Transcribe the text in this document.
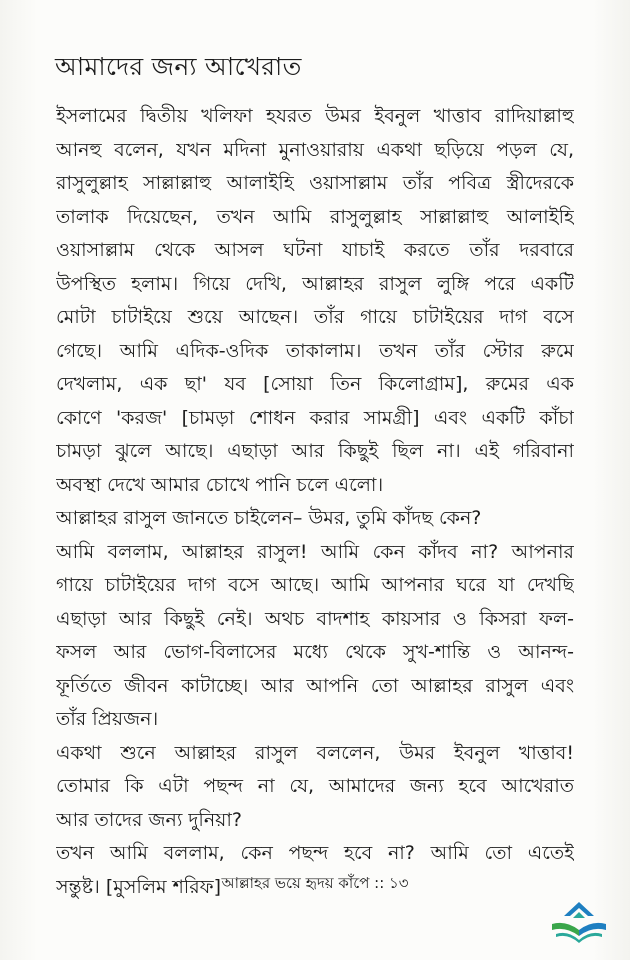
আমাদের জন্য আখেরাত
ইসলামের দ্বিতীয় খলিফা হযরত উমর ইবনুল খাত্তাব রাদিয়াল্লাহু
আনহু বলেন, যখন মদিনা মুনাওয়ারায় একথা ছড়িয়ে পড়ল যে,
রাসুলুল্লাহ সাল্লাল্লাহু আলাইহি ওয়াসাল্লাম তাঁর পবিত্র স্ত্রীদেরকে
তালাক দিয়েছেন, তখন আমি রাসুলুল্লাহ সাল্লাল্লাহু আলাইহি
ওয়াসাল্লাম থেকে আসল ঘটনা যাচাই করতে তাঁর দরবারে
উপস্থিত হলাম। গিয়ে দেখি, আল্লাহর রাসুল লুঙ্গি পরে একটি
মোটা চাটাইয়ে শুয়ে আছেন। তাঁর গায়ে চাটাইয়ের দাগ বসে
গেছে। আমি এদিক-ওদিক তাকালাম। তখন তাঁর স্টোর রুমে
দেখলাম, এক ছা' যব [সোয়া তিন কিলোগ্রাম], রুমের এক
কোণে 'করজ' [চামড়া শোধন করার সামগ্রী] এবং একটি কাঁচা
চামড়া ঝুলে আছে। এছাড়া আর কিছুই ছিল না। এই গরিবানা
অবস্থা দেখে আমার চোখে পানি চলে এলো।
আল্লাহর রাসুল জানতে চাইলেন– উমর, তুমি কাঁদছ কেন?
আমি বললাম, আল্লাহর রাসুল! আমি কেন কাঁদব না? আপনার
গায়ে চাটাইয়ের দাগ বসে আছে। আমি আপনার ঘরে যা দেখছি
এছাড়া আর কিছুই নেই। অথচ বাদশাহ কায়সার ও কিসরা ফল-
ফসল আর ভোগ-বিলাসের মধ্যে থেকে সুখ-শান্তি ও আনন্দ-
ফূর্তিতে জীবন কাটাচ্ছে। আর আপনি তো আল্লাহর রাসুল এবং
তাঁর প্রিয়জন।
একথা শুনে আল্লাহর রাসুল বললেন, উমর ইবনুল খাত্তাব!
তোমার কি এটা পছন্দ না যে, আমাদের জন্য হবে আখেরাত
আর তাদের জন্য দুনিয়া?
তখন আমি বললাম, কেন পছন্দ হবে না? আমি তো এতেই
সন্তুষ্ট। [মুসলিম শরিফ] আল্লাহর ভয়ে হৃদয় কাঁপে :: ১৩
